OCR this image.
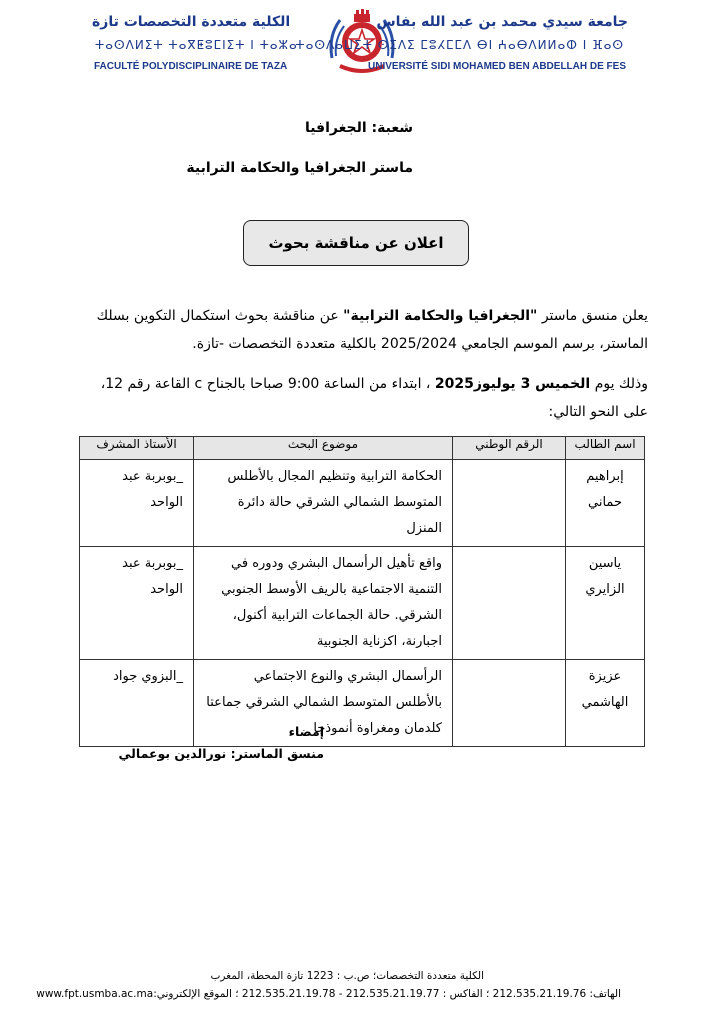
الكلية متعددة التخصصات تازة
ⵜⴰⵙⴷⵍⵉⵜ ⵜⴰⴳⵟⵓⵎⵏⵉⵜ ⵏ ⵜⴰⵣⴰ
FACULTÉ POLYDISCIPLINAIRE DE TAZA
جامعة سيدي محمد بن عبد الله بفاس
ⵜⴰⵙⴷⴰⵡⵉⵜ ⵙⵉⴷⵉ ⵎⵓⵃⵎⵎⴷ ⴱⵏ ⵄⴰⴱⴷⵍⵍⴰⵀ ⵏ ⴼⴰⵙ
UNIVERSITÉ SIDI MOHAMED BEN ABDELLAH DE FES
شعبة: الجغرافيا
ماستر الجغرافيا والحكامة الترابية
اعلان عن مناقشة بحوث
يعلن منسق ماستر "الجغرافيا والحكامة الترابية" عن مناقشة بحوث استكمال التكوين بسلك الماستر، برسم الموسم الجامعي 2025/2024 بالكلية متعددة التخصصات -تازة.
وذلك يوم الخميس 3 يوليوز2025 ، ابتداء من الساعة 9:00 صباحا بالجناح c القاعة رقم 12،
على النحو التالي:
اسم الطالب	الرقم الوطني	موضوع البحث	الأستاذ المشرف
إبراهيم حماني		الحكامة الترابية وتنظيم المجال بالأطلس المتوسط الشمالي الشرقي حالة دائرة المنزل	_بوبربة عبد الواحد
ياسين الزايري		واقع تأهيل الرأسمال البشري ودوره في التنمية الاجتماعية بالريف الأوسط الجنوبي الشرقي. حالة الجماعات الترابية أكنول، اجبارنة، اكزناية الجنوبية	_بوبربة عبد الواحد
عزيزة الهاشمي		الرأسمال البشري والنوع الاجتماعي بالأطلس المتوسط الشمالي الشرقي جماعتا كلدمان ومغراوة أنموذجا	_البزوي جواد
إمضاء
منسق الماستر: نورالدين بوعمالي
الكلية متعددة التخصصات؛ ص.ب : 1223 تازة المحطة، المغرب
الهاتف: 212.535.21.19.76 ؛ الفاكس : 212.535.21.19.77 - 212.535.21.19.78 ؛ الموقع الإلكتروني:www.fpt.usmba.ac.ma
